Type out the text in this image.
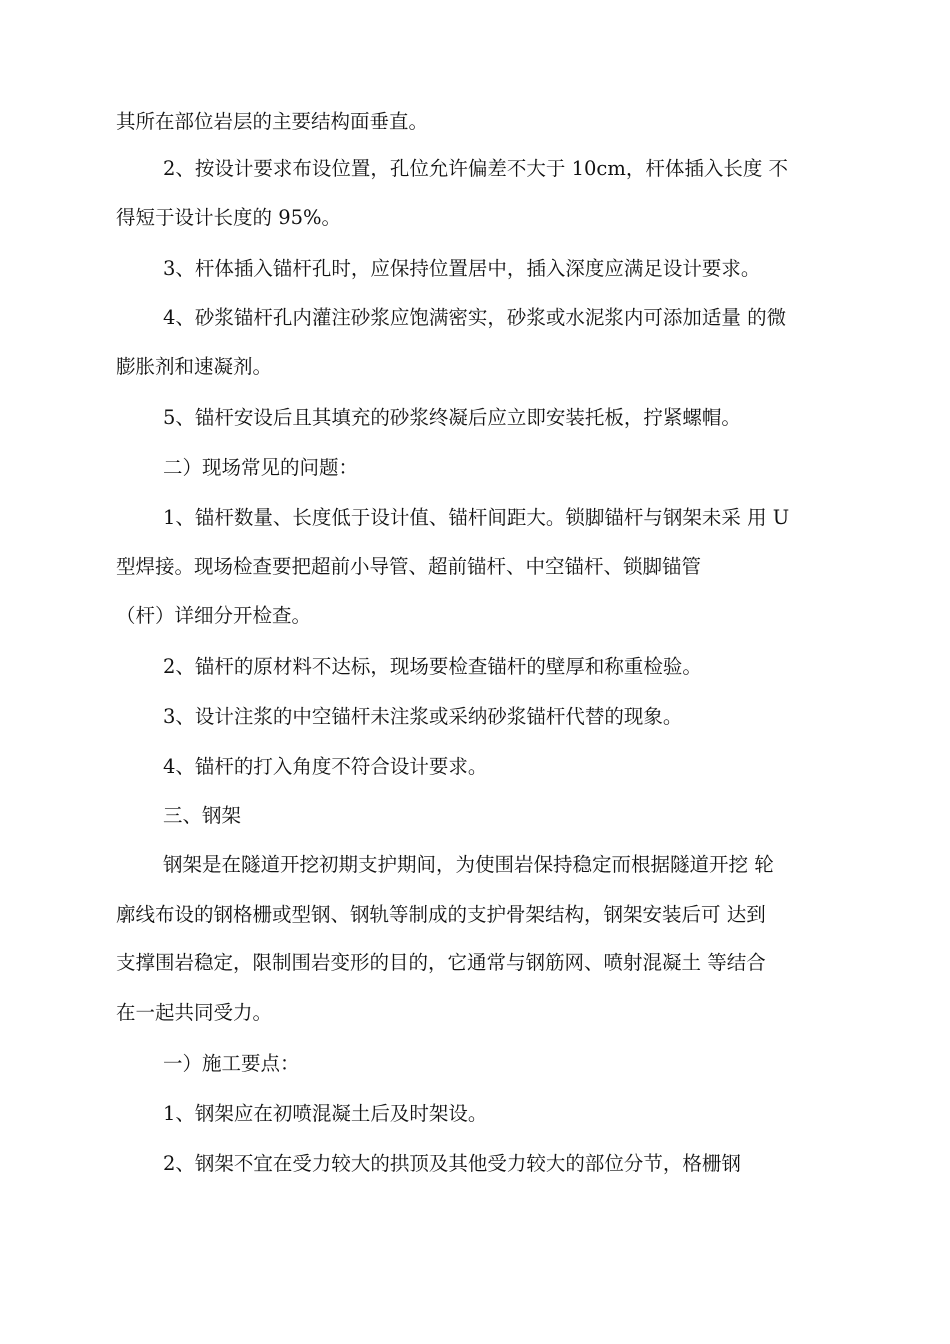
其所在部位岩层的主要结构面垂直。
2、按设计要求布设位置，孔位允许偏差不大于 10cm，杆体插入长度 不
得短于设计长度的 95%。
3、杆体插入锚杆孔时，应保持位置居中，插入深度应满足设计要求。
4、砂浆锚杆孔内灌注砂浆应饱满密实，砂浆或水泥浆内可添加适量 的微
膨胀剂和速凝剂。
5、锚杆安设后且其填充的砂浆终凝后应立即安装托板，拧紧螺帽。
二）现场常见的问题：
1、锚杆数量、长度低于设计值、锚杆间距大。锁脚锚杆与钢架未采 用 U
型焊接。现场检查要把超前小导管、超前锚杆、中空锚杆、锁脚锚管
（杆）详细分开检查。
2、锚杆的原材料不达标，现场要检查锚杆的壁厚和称重检验。
3、设计注浆的中空锚杆未注浆或采纳砂浆锚杆代替的现象。
4、锚杆的打入角度不符合设计要求。
三、钢架
钢架是在隧道开挖初期支护期间，为使围岩保持稳定而根据隧道开挖 轮
廓线布设的钢格栅或型钢、钢轨等制成的支护骨架结构，钢架安装后可 达到
支撑围岩稳定，限制围岩变形的目的，它通常与钢筋网、喷射混凝土 等结合
在一起共同受力。
一）施工要点：
1、钢架应在初喷混凝土后及时架设。
2、钢架不宜在受力较大的拱顶及其他受力较大的部位分节，格栅钢
